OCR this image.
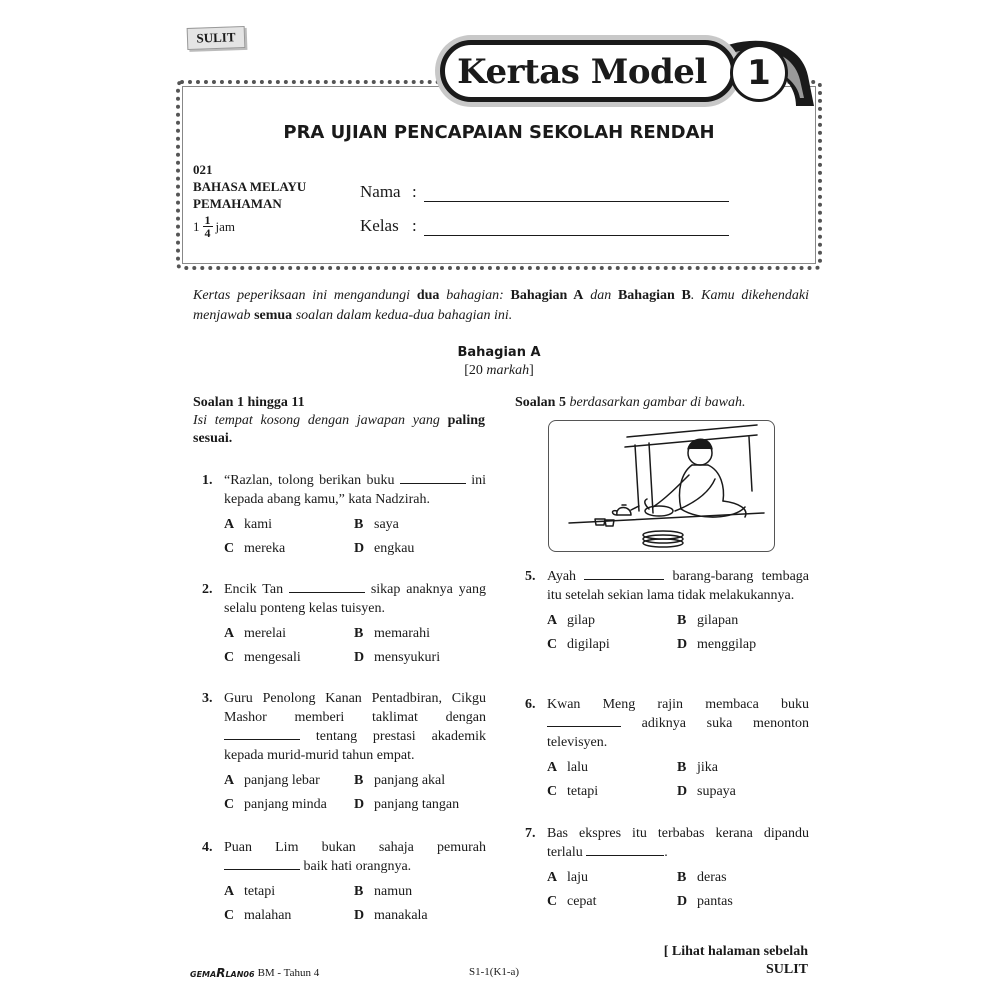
SULIT
Kertas Model	1
PRA UJIAN PENCAPAIAN SEKOLAH RENDAH
021
BAHASA MELAYU
PEMAHAMAN
$1 \frac{1}{4}$ jam
Nama :
Kelas :
Kertas peperiksaan ini mengandungi dua bahagian: Bahagian A dan Bahagian B. Kamu dikehendaki menjawab semua soalan dalam kedua-dua bahagian ini.
Bahagian A
[20 markah]
Soalan 1 hingga 11
Isi tempat kosong dengan jawapan yang paling sesuai.
Soalan 5 berdasarkan gambar di bawah.
1. “Razlan, tolong berikan buku	ini kepada abang kamu,” kata Nadzirah.
A kami	B saya
C mereka	D engkau
2. Encik Tan	sikap anaknya yang selalu ponteng kelas tuisyen.
A merelai	B memarahi
C mengesali	D mensyukuri
3. Guru Penolong Kanan Pentadbiran, Cikgu Mashor memberi taklimat dengan  tentang prestasi akademik kepada murid-murid tahun empat.
A panjang lebar	B panjang akal
C panjang minda	D panjang tangan
4. Puan Lim bukan sahaja pemurah  baik hati orangnya.
A tetapi	B namun
C malahan	D manakala
5. Ayah	barang-barang tembaga itu setelah sekian lama tidak melakukannya.
A gilap	B gilapan
C digilapi	D menggilap
6. Kwan Meng rajin membaca buku  adiknya suka menonton televisyen.
A lalu	B jika
C tetapi	D supaya
7. Bas ekspres itu terbabas kerana dipandu terlalu	.
A laju	B deras
C cepat	D pantas
[ Lihat halaman sebelah
SULIT
GEMARLAN06 BM - Tahun 4	S1-1(K1-a)
